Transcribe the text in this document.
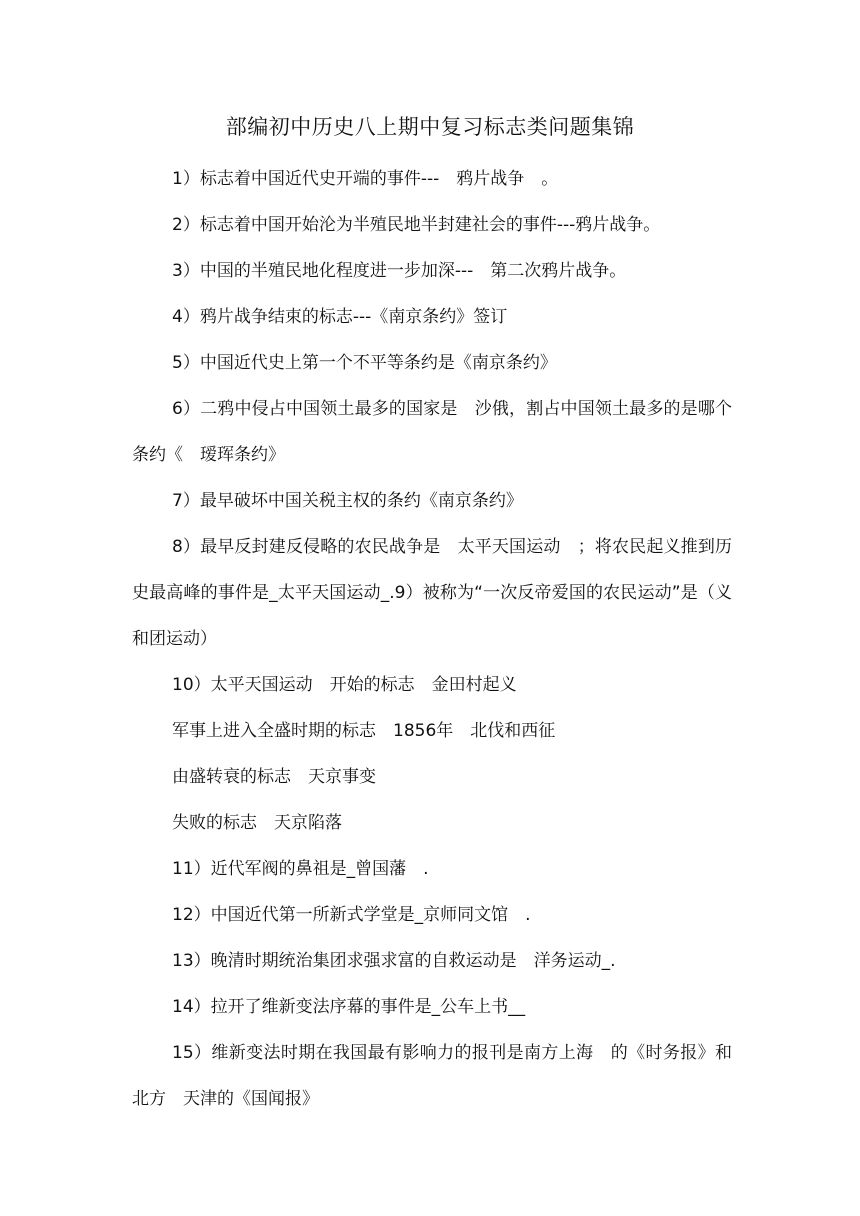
部编初中历史八上期中复习标志类问题集锦

1）标志着中国近代史开端的事件---　鸦片战争　。

2）标志着中国开始沦为半殖民地半封建社会的事件---鸦片战争。

3）中国的半殖民地化程度进一步加深---　第二次鸦片战争。

4）鸦片战争结束的标志---《南京条约》签订

5）中国近代史上第一个不平等条约是《南京条约》

6）二鸦中侵占中国领土最多的国家是　沙俄，割占中国领土最多的是哪个条约《　瑷珲条约》

7）最早破坏中国关税主权的条约《南京条约》

8）最早反封建反侵略的农民战争是　太平天国运动　；将农民起义推到历史最高峰的事件是_太平天国运动_.9）被称为“一次反帝爱国的农民运动”是（义和团运动）

10）太平天国运动　开始的标志　金田村起义

军事上进入全盛时期的标志　1856年　北伐和西征

由盛转衰的标志　天京事变

失败的标志　天京陷落

11）近代军阀的鼻祖是_曾国藩　.

12）中国近代第一所新式学堂是_京师同文馆　.

13）晚清时期统治集团求强求富的自救运动是　洋务运动_.

14）拉开了维新变法序幕的事件是_公车上书__

15）维新变法时期在我国最有影响力的报刊是南方上海　的《时务报》和北方　天津的《国闻报》
